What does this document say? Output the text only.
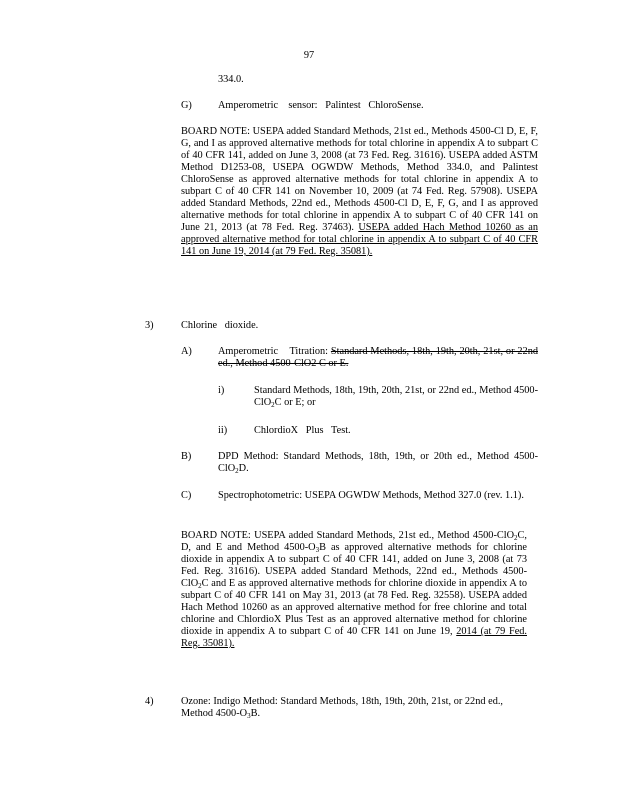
97
334.0.
G)	Amperometric    sensor:   Palintest   ChloroSense.
BOARD NOTE: USEPA added Standard Methods, 21st ed., Methods 4500-Cl D, E, F, G, and I as approved alternative methods for total chlorine in appendix A to subpart C of 40 CFR 141, added on June 3, 2008 (at 73 Fed. Reg. 31616). USEPA added ASTM Method D1253-08, USEPA OGWDW Methods, Method 334.0, and Palintest ChloroSense as approved alternative methods for total chlorine in appendix A to subpart C of 40 CFR 141 on November 10, 2009 (at 74 Fed. Reg. 57908). USEPA added Standard Methods, 22nd ed., Methods 4500-Cl D, E, F, G, and I as approved alternative methods for total chlorine in appendix A to subpart C of 40 CFR 141 on June 21, 2013 (at 78 Fed. Reg. 37463). USEPA added Hach Method 10260 as an approved alternative method for total chlorine in appendix A to subpart C of 40 CFR 141 on June 19, 2014 (at 79 Fed. Reg. 35081).
3)	Chlorine   dioxide.
A)	Amperometric    Titration: Standard Methods, 18th, 19th, 20th, 21st, or 22nd ed., Method 4500-ClO2 C or E.
i)	Standard Methods, 18th, 19th, 20th, 21st, or 22nd ed., Method 4500-ClO$_2$C or E; or
ii)	ChlordioX   Plus   Test.
B)	DPD Method: Standard Methods, 18th, 19th, or 20th ed., Method 4500-ClO$_2$D.
C)	Spectrophotometric: USEPA OGWDW Methods, Method 327.0 (rev. 1.1).
BOARD NOTE: USEPA added Standard Methods, 21st ed., Method 4500-ClO$_2$C, D, and E and Method $4500-O_3B$ as approved alternative methods for chlorine dioxide in appendix A to subpart C of 40 CFR 141, added on June 3, 2008 (at 73 Fed. Reg. 31616). USEPA added Standard Methods, 22nd ed., Methods 4500-ClO$_2$C and E as approved alternative methods for chlorine dioxide in appendix A to subpart C of 40 CFR 141 on May 31, 2013 (at 78 Fed. Reg. 32558). USEPA added Hach Method 10260 as an approved alternative method for free chlorine and total chlorine and ChlordioX Plus Test as an approved alternative method for chlorine dioxide in appendix A to subpart C of 40 CFR 141 on June 19, 2014 (at 79 Fed. Reg. 35081).
4)	Ozone: Indigo Method: Standard Methods, 18th, 19th, 20th, 21st, or 22nd ed., Method $4500-O_3B$.
